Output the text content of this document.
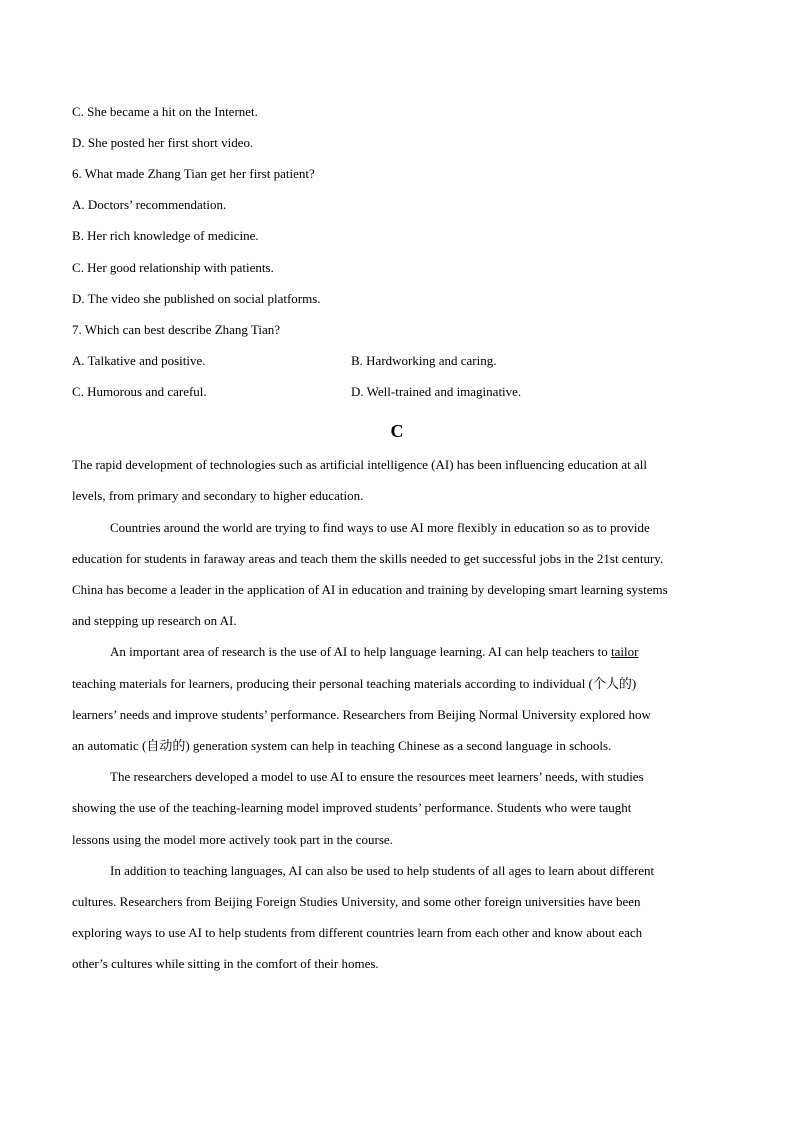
C. She became a hit on the Internet.
D. She posted her first short video.
6. What made Zhang Tian get her first patient?
A. Doctors’ recommendation.
B. Her rich knowledge of medicine.
C. Her good relationship with patients.
D. The video she published on social platforms.
7. Which can best describe Zhang Tian?
A. Talkative and positive.	B. Hardworking and caring.
C. Humorous and careful.	D. Well-trained and imaginative.
C
The rapid development of technologies such as artificial intelligence (AI) has been influencing education at all
levels, from primary and secondary to higher education.
Countries around the world are trying to find ways to use AI more flexibly in education so as to provide
education for students in faraway areas and teach them the skills needed to get successful jobs in the 21st century.
China has become a leader in the application of AI in education and training by developing smart learning systems
and stepping up research on AI.
An important area of research is the use of AI to help language learning. AI can help teachers to tailor
teaching materials for learners, producing their personal teaching materials according to individual (个人的)
learners’ needs and improve students’ performance. Researchers from Beijing Normal University explored how
an automatic (自动的) generation system can help in teaching Chinese as a second language in schools.
The researchers developed a model to use AI to ensure the resources meet learners’ needs, with studies
showing the use of the teaching-learning model improved students’ performance. Students who were taught
lessons using the model more actively took part in the course.
In addition to teaching languages, AI can also be used to help students of all ages to learn about different
cultures. Researchers from Beijing Foreign Studies University, and some other foreign universities have been
exploring ways to use AI to help students from different countries learn from each other and know about each
other’s cultures while sitting in the comfort of their homes.
